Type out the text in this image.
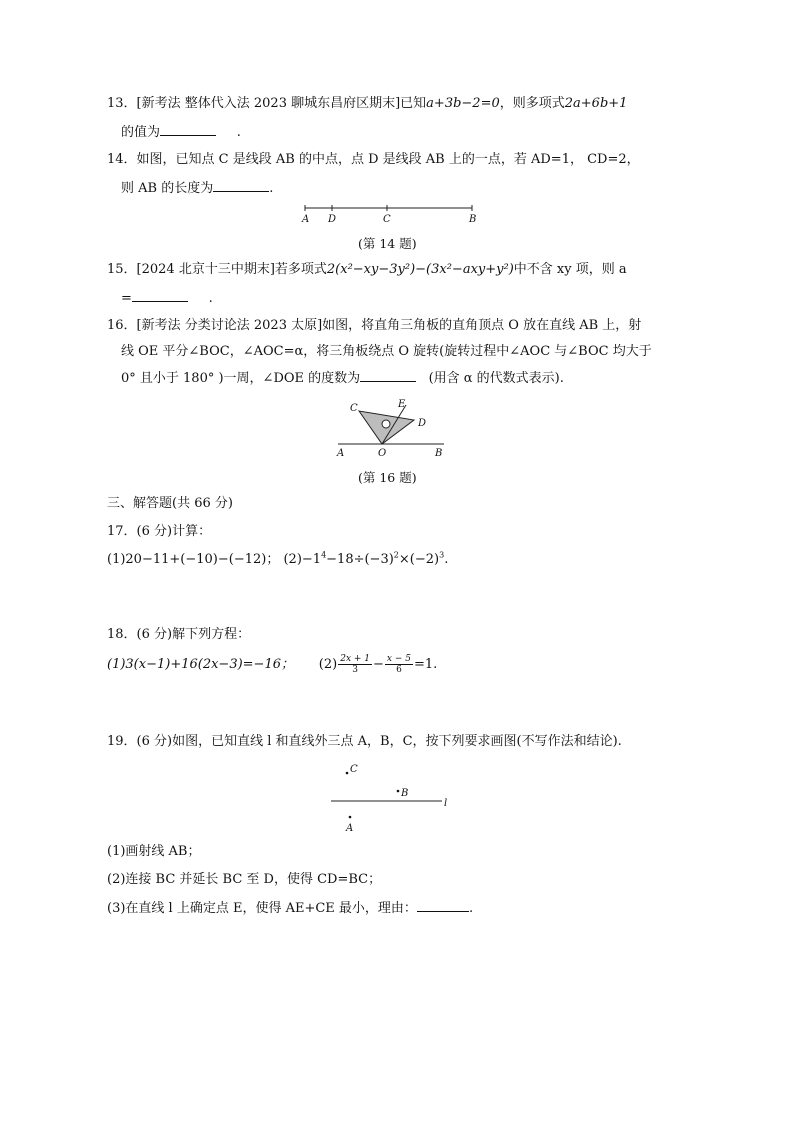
13．[新考法 整体代入法 2023 聊城东昌府区期末]已知a+3b−2=0，则多项式2a+6b+1
的值为	.
14．如图，已知点 C 是线段 AB 的中点，点 D 是线段 AB 上的一点，若 AD=1， CD=2，
则 AB 的长度为	.
A D	C	B
(第 14 题)
15．[2024 北京十三中期末]若多项式2(x²−xy−3y²)−(3x²−axy+y²)中不含 xy 项，则 a
=	.
16．[新考法 分类讨论法 2023 太原]如图，将直角三角板的直角顶点 O 放在直线 AB 上，射
线 OE 平分∠BOC，∠AOC=α，将三角板绕点 O 旋转(旋转过程中∠AOC 与∠BOC 均大于
0° 且小于 180° )一周，∠DOE 的度数为	(用含 α 的代数式表示).
C	E
D
A	O	B
(第 16 题)
三、解答题(共 66 分)
17．(6 分)计算：
(1)20−11+(−10)−(−12)； $(2)-1^4-18\div(-3)^2\times(-2)^3$.
18．(6 分)解下列方程：
(1)3(x−1)+16(2x−3)=−16； $(2) \frac{2x + 1}{3} - \frac{x - 5}{6} =1$.
19．(6 分)如图，已知直线 l 和直线外三点 A，B，C，按下列要求画图(不写作法和结论).
C
l
B
A
(1)画射线 AB；
(2)连接 BC 并延长 BC 至 D，使得 CD=BC；
(3)在直线 l 上确定点 E，使得 AE+CE 最小，理由：	.
